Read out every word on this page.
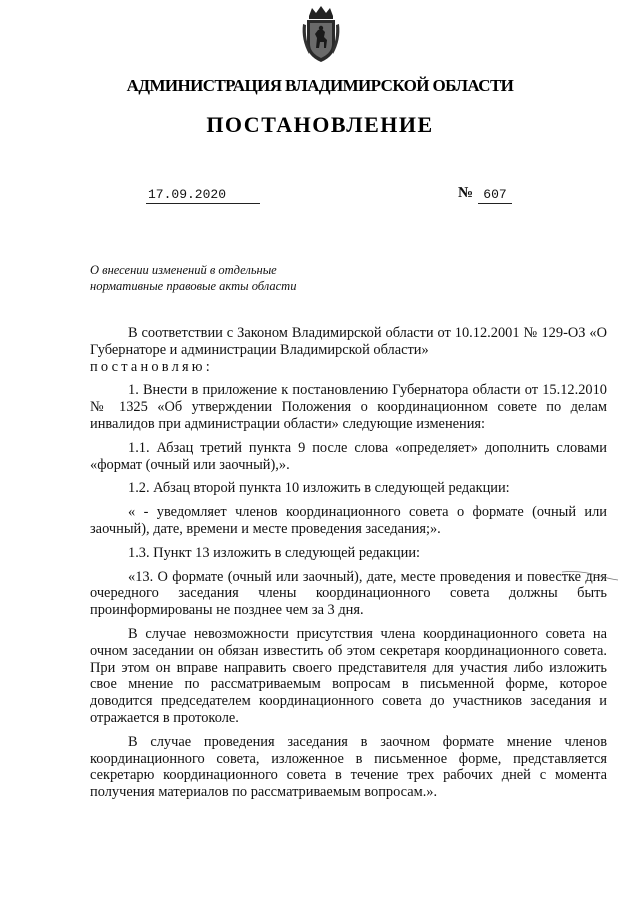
АДМИНИСТРАЦИЯ ВЛАДИМИРСКОЙ ОБЛАСТИ
ПОСТАНОВЛЕНИЕ
17.09.2020	№ 607
О внесении изменений в отдельные
нормативные правовые акты области

В соответствии с Законом Владимирской области от 10.12.2001 № 129-ОЗ «О Губернаторе и администрации Владимирской области»

постановляю:

1. Внести в приложение к постановлению Губернатора области от 15.12.2010 № 1325 «Об утверждении Положения о координационном совете по делам инвалидов при администрации области» следующие изменения:

1.1. Абзац третий пункта 9 после слова «определяет» дополнить словами «формат (очный или заочный),».

1.2. Абзац второй пункта 10 изложить в следующей редакции:

« - уведомляет членов координационного совета о формате (очный или заочный), дате, времени и месте проведения заседания;».

1.3. Пункт 13 изложить в следующей редакции:

«13. О формате (очный или заочный), дате, месте проведения и повестке дня очередного заседания члены координационного совета должны быть проинформированы не позднее чем за 3 дня.

В случае невозможности присутствия члена координационного совета на очном заседании он обязан известить об этом секретаря координационного совета. При этом он вправе направить своего представителя для участия либо изложить свое мнение по рассматриваемым вопросам в письменной форме, которое доводится председателем координационного совета до участников заседания и отражается в протоколе.

В случае проведения заседания в заочном формате мнение членов координационного совета, изложенное в письменное форме, представляется секретарю координационного совета в течение трех рабочих дней с момента получения материалов по рассматриваемым вопросам.».
